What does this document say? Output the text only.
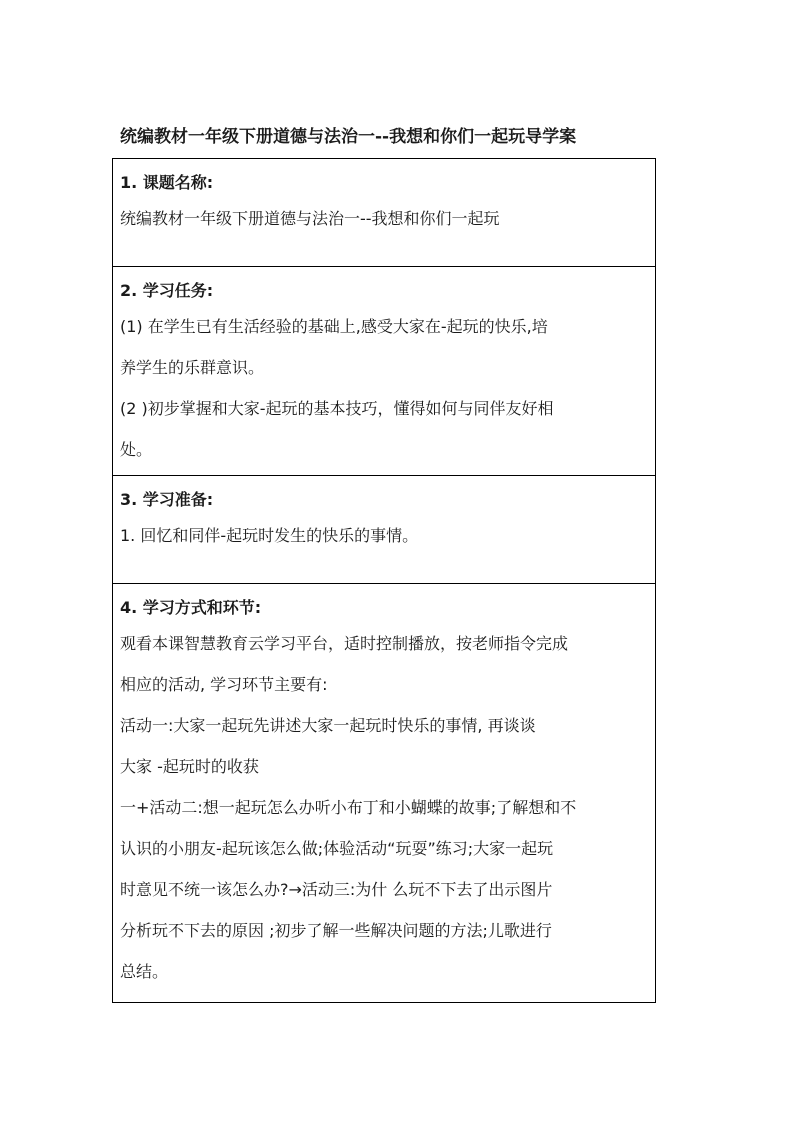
统编教材一年级下册道德与法治一--我想和你们一起玩导学案

1. 课题名称:

统编教材一年级下册道德与法治一--我想和你们一起玩

2. 学习任务:

(1) 在学生已有生活经验的基础上,感受大家在-起玩的快乐,培

养学生的乐群意识。

(2 )初步掌握和大家-起玩的基本技巧，懂得如何与同伴友好相

处。

3. 学习准备:

1. 回忆和同伴-起玩时发生的快乐的事情。

4. 学习方式和环节:

观看本课智慧教育云学习平台，适时控制播放，按老师指令完成

相应的活动, 学习环节主要有:

活动一:大家一起玩先讲述大家一起玩时快乐的事情, 再谈谈

大家 -起玩时的收获

一+活动二:想一起玩怎么办听小布丁和小蝴蝶的故事;了解想和不

认识的小朋友-起玩该怎么做;体验活动“玩耍”练习;大家一起玩

时意见不统一该怎么办?→活动三:为什 么玩不下去了出示图片

分析玩不下去的原因 ;初步了解一些解决问题的方法;儿歌进行

总结。
